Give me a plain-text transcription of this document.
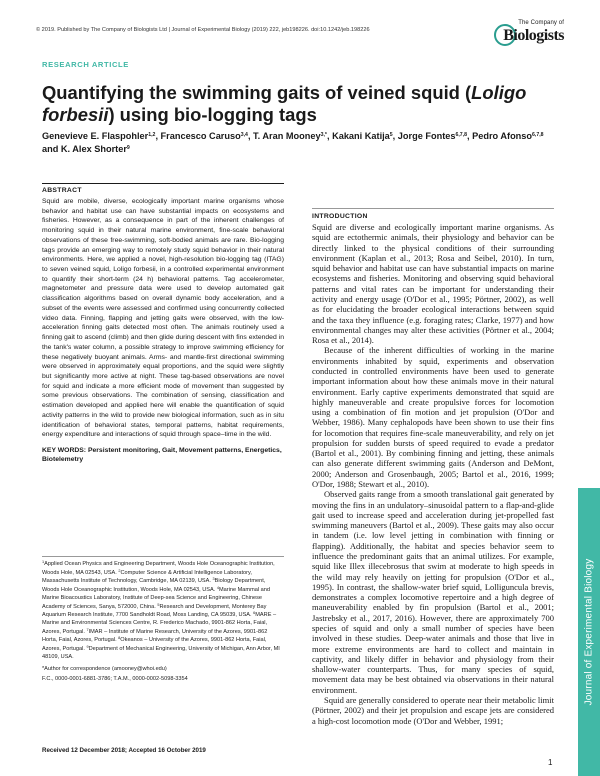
© 2019. Published by The Company of Biologists Ltd | Journal of Experimental Biology (2019) 222, jeb198226. doi:10.1242/jeb.198226
The Company of
Biologists
RESEARCH ARTICLE
Quantifying the swimming gaits of veined squid (Loligo forbesii) using bio-logging tags
Genevieve E. Flaspohler$^{1,2}$, Francesco Caruso$^{3,4}$, T. Aran Mooney$^{3,*}$, Kakani Katija$^5$, Jorge Fontes$^{6,7,8}$, Pedro Afonso$^{6,7,8}$ and K. Alex Shorter$^9$
ABSTRACT

Squid are mobile, diverse, ecologically important marine organisms whose behavior and habitat use can have substantial impacts on ecosystems and fisheries. However, as a consequence in part of the inherent challenges of monitoring squid in their natural marine environment, fine-scale behavioral observations of these free-swimming, soft-bodied animals are rare. Bio-logging tags provide an emerging way to remotely study squid behavior in their natural environments. Here, we applied a novel, high-resolution bio-logging tag (ITAG) to seven veined squid, Loligo forbesii, in a controlled experimental environment to quantify their short-term (24 h) behavioral patterns. Tag accelerometer, magnetometer and pressure data were used to develop automated gait classification algorithms based on overall dynamic body acceleration, and a subset of the events were assessed and confirmed using concurrently collected video data. Finning, flapping and jetting gaits were observed, with the low-acceleration finning gaits detected most often. The animals routinely used a finning gait to ascend (climb) and then glide during descent with fins extended in the tank's water column, a possible strategy to improve swimming efficiency for these negatively buoyant animals. Arms- and mantle-first directional swimming were observed in approximately equal proportions, and the squid were slightly but significantly more active at night. These tag-based observations are novel for squid and indicate a more efficient mode of movement than suggested by some previous observations. The combination of sensing, classification and estimation developed and applied here will enable the quantification of squid activity patterns in the wild to provide new biological information, such as in situ identification of behavioral states, temporal patterns, habitat requirements, energy expenditure and interactions of squid through space–time in the wild.

KEY WORDS: Persistent monitoring, Gait, Movement patterns, Energetics, Biotelemetry

$^1$Applied Ocean Physics and Engineering Department, Woods Hole Oceanographic Institution, Woods Hole, MA 02543, USA. $^2$Computer Science & Artificial Intelligence Laboratory, Massachusetts Institute of Technology, Cambridge, MA 02139, USA. $^3$Biology Department, Woods Hole Oceanographic Institution, Woods Hole, MA 02543, USA. $^4$Marine Mammal and Marine Bioacoustics Laboratory, Institute of Deep-sea Science and Engineering, Chinese Academy of Sciences, Sanya, 572000, China. $^5$Research and Development, Monterey Bay Aquarium Research Institute, 7700 Sandholdt Road, Moss Landing, CA 95039, USA. $^6$MARE – Marine and Environmental Sciences Centre, R. Frederico Machado, 9901-862 Horta, Faial, Azores, Portugal. $^7$IMAR – Institute of Marine Research, University of the Azores, 9901-862 Horta, Faial, Azores, Portugal. $^8$Okeanos – University of the Azores, 9901-862 Horta, Faial, Azores, Portugal. $^9$Department of Mechanical Engineering, University of Michigan, Ann Arbor, MI 48109, USA.
*Author for correspondence (amooney@whoi.edu)
F.C., 0000-0001-6881-3786; T.A.M., 0000-0002-5098-3354
Received 12 December 2018; Accepted 16 October 2019
INTRODUCTION

Squid are diverse and ecologically important marine organisms. As squid are ectothermic animals, their physiology and behavior can be directly linked to the physical conditions of their surrounding environment (Kaplan et al., 2013; Rosa and Seibel, 2010). In turn, squid behavior and habitat use can have substantial impacts on marine ecosystems and fisheries. Monitoring and observing squid behavioral patterns and vital rates can be important for understanding their activity and energy usage (O'Dor et al., 1995; Pörtner, 2002), as well as for elucidating the broader ecological interactions between squid and the taxa they influence (e.g. foraging rates; Clarke, 1977) and how environmental changes may alter these activities (Pörtner et al., 2004; Rosa et al., 2014).

Because of the inherent difficulties of working in the marine environments inhabited by squid, experiments and observation conducted in controlled environments have been used to generate important information about how these animals move in their natural environment. Early captive experiments demonstrated that squid are highly maneuverable and create propulsive forces for locomotion using a combination of fin motion and jet propulsion (O'Dor and Webber, 1986). Many cephalopods have been shown to use their fins for locomotion that requires fine-scale maneuverability, and rely on jet propulsion for sudden bursts of speed required to evade a predator (Bartol et al., 2001). By combining finning and jetting, these animals can also generate different swimming gaits (Anderson and DeMont, 2000; Anderson and Grosenbaugh, 2005; Bartol et al., 2016, 1999; O'Dor, 1988; Stewart et al., 2010).

Observed gaits range from a smooth translational gait generated by moving the fins in an undulatory–sinusoidal pattern to a flap-and-glide gait used to increase speed and acceleration during jet-propelled fast swimming maneuvers (Bartol et al., 2009). These gaits may also occur in tandem (i.e. low level jetting in combination with finning or flapping). Additionally, the habitat and species behavior seem to influence the predominant gaits that an animal utilizes. For example, squid like Illex illecebrosus that swim at moderate to high speeds in the wild may rely heavily on jetting for propulsion (O'Dor et al., 1995). In contrast, the shallow-water brief squid, Lolliguncula brevis, demonstrates a complex locomotive repertoire and a high degree of maneuverability enabled by fin propulsion (Bartol et al., 2001; Jastrebsky et al., 2017, 2016). However, there are approximately 700 species of squid and only a small number of species have been involved in these studies. Deep-water animals and those that live in more extreme environments are hard to collect and maintain in captivity, and likely differ in behavior and physiology from their shallow-water counterparts. Thus, for many species of squid, movement data may be best obtained via observations in their natural environment.

Squid are generally considered to operate near their metabolic limit (Pörtner, 2002) and their jet propulsion and escape jets are considered a high-cost locomotion mode (O'Dor and Webber, 1991;

Journal of Experimental Biology
1
